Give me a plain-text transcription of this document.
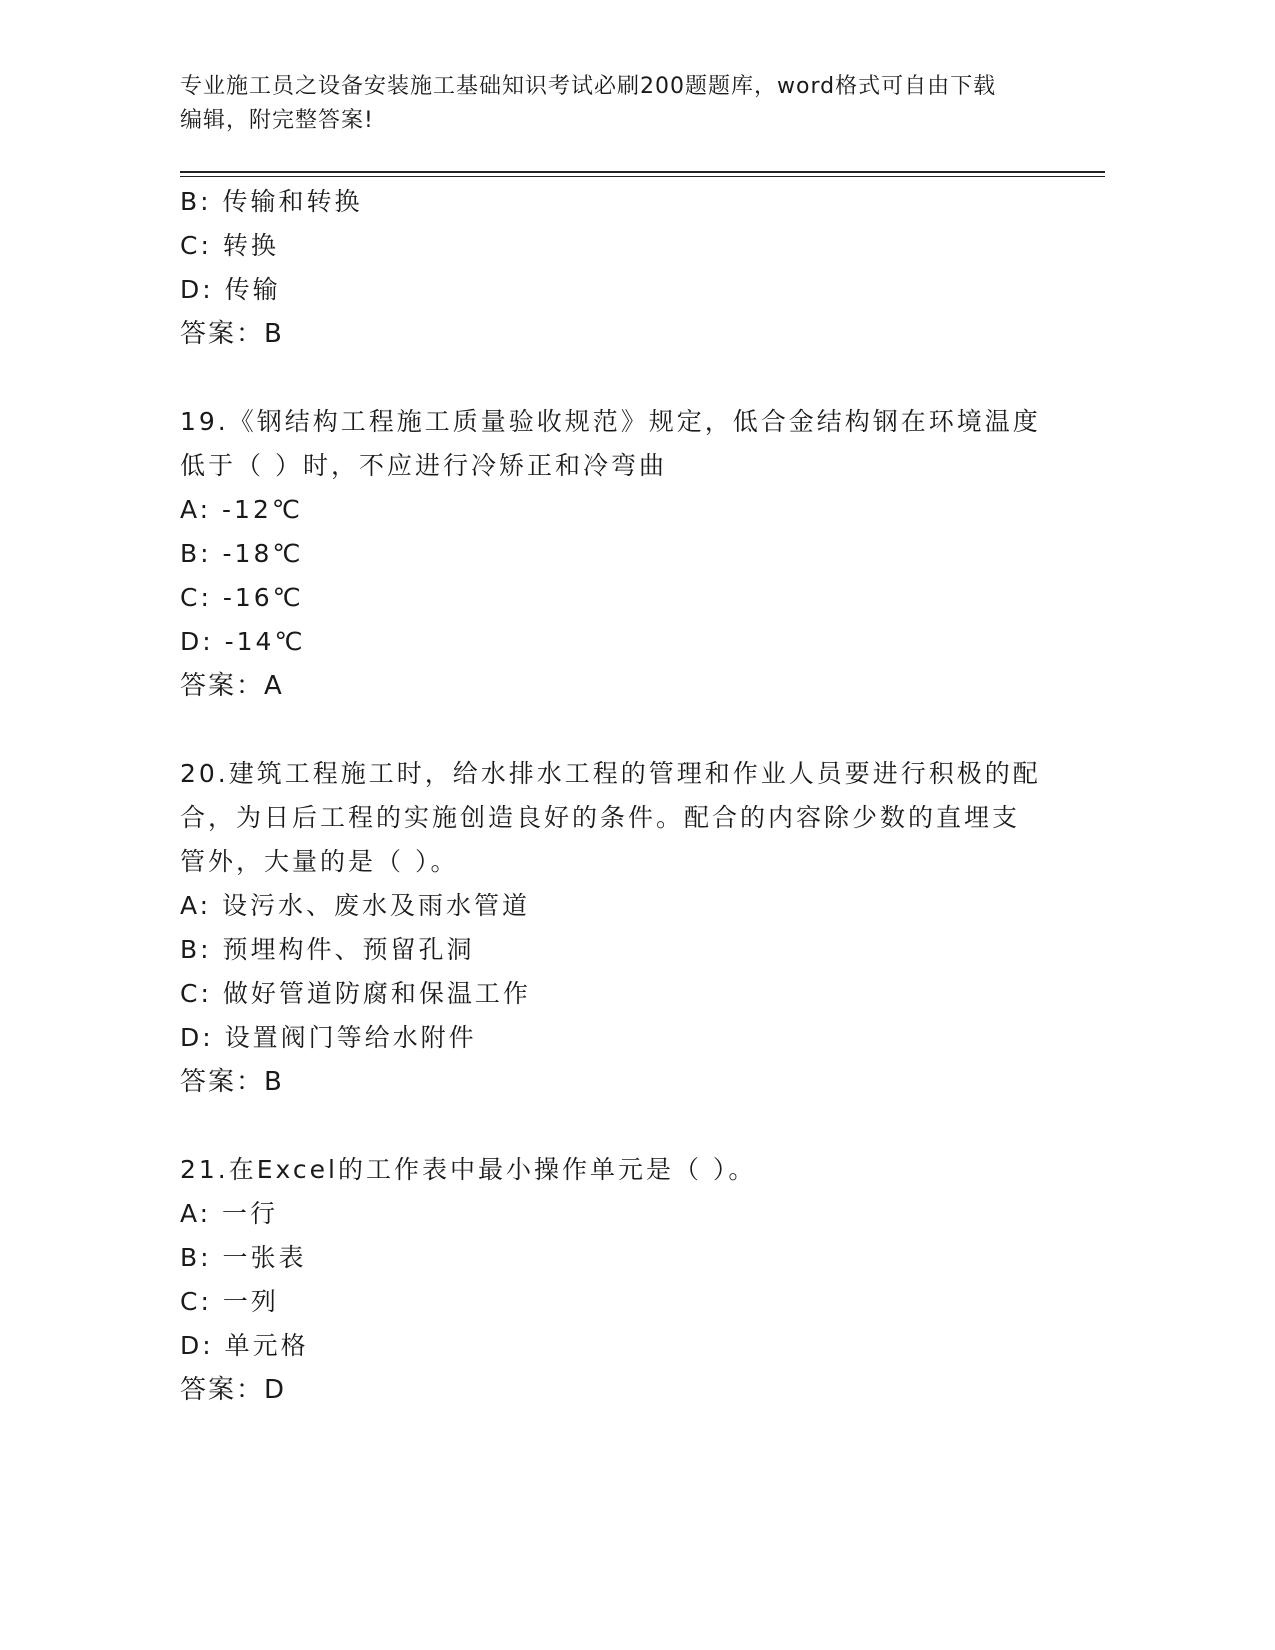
专业施工员之设备安装施工基础知识考试必刷200题题库，word格式可自由下载
编辑，附完整答案!
B: 传输和转换
C: 转换
D: 传输
答案：B
19.《钢结构工程施工质量验收规范》规定，低合金结构钢在环境温度
低于（ ）时，不应进行冷矫正和冷弯曲
A: -12℃
B: -18℃
C: -16℃
D: -14℃
答案：A
20.建筑工程施工时，给水排水工程的管理和作业人员要进行积极的配
合，为日后工程的实施创造良好的条件。配合的内容除少数的直埋支
管外，大量的是（ ）。
A: 设污水、废水及雨水管道
B: 预埋构件、预留孔洞
C: 做好管道防腐和保温工作
D: 设置阀门等给水附件
答案：B
21.在Excel的工作表中最小操作单元是（ ）。
A: 一行
B: 一张表
C: 一列
D: 单元格
答案：D
